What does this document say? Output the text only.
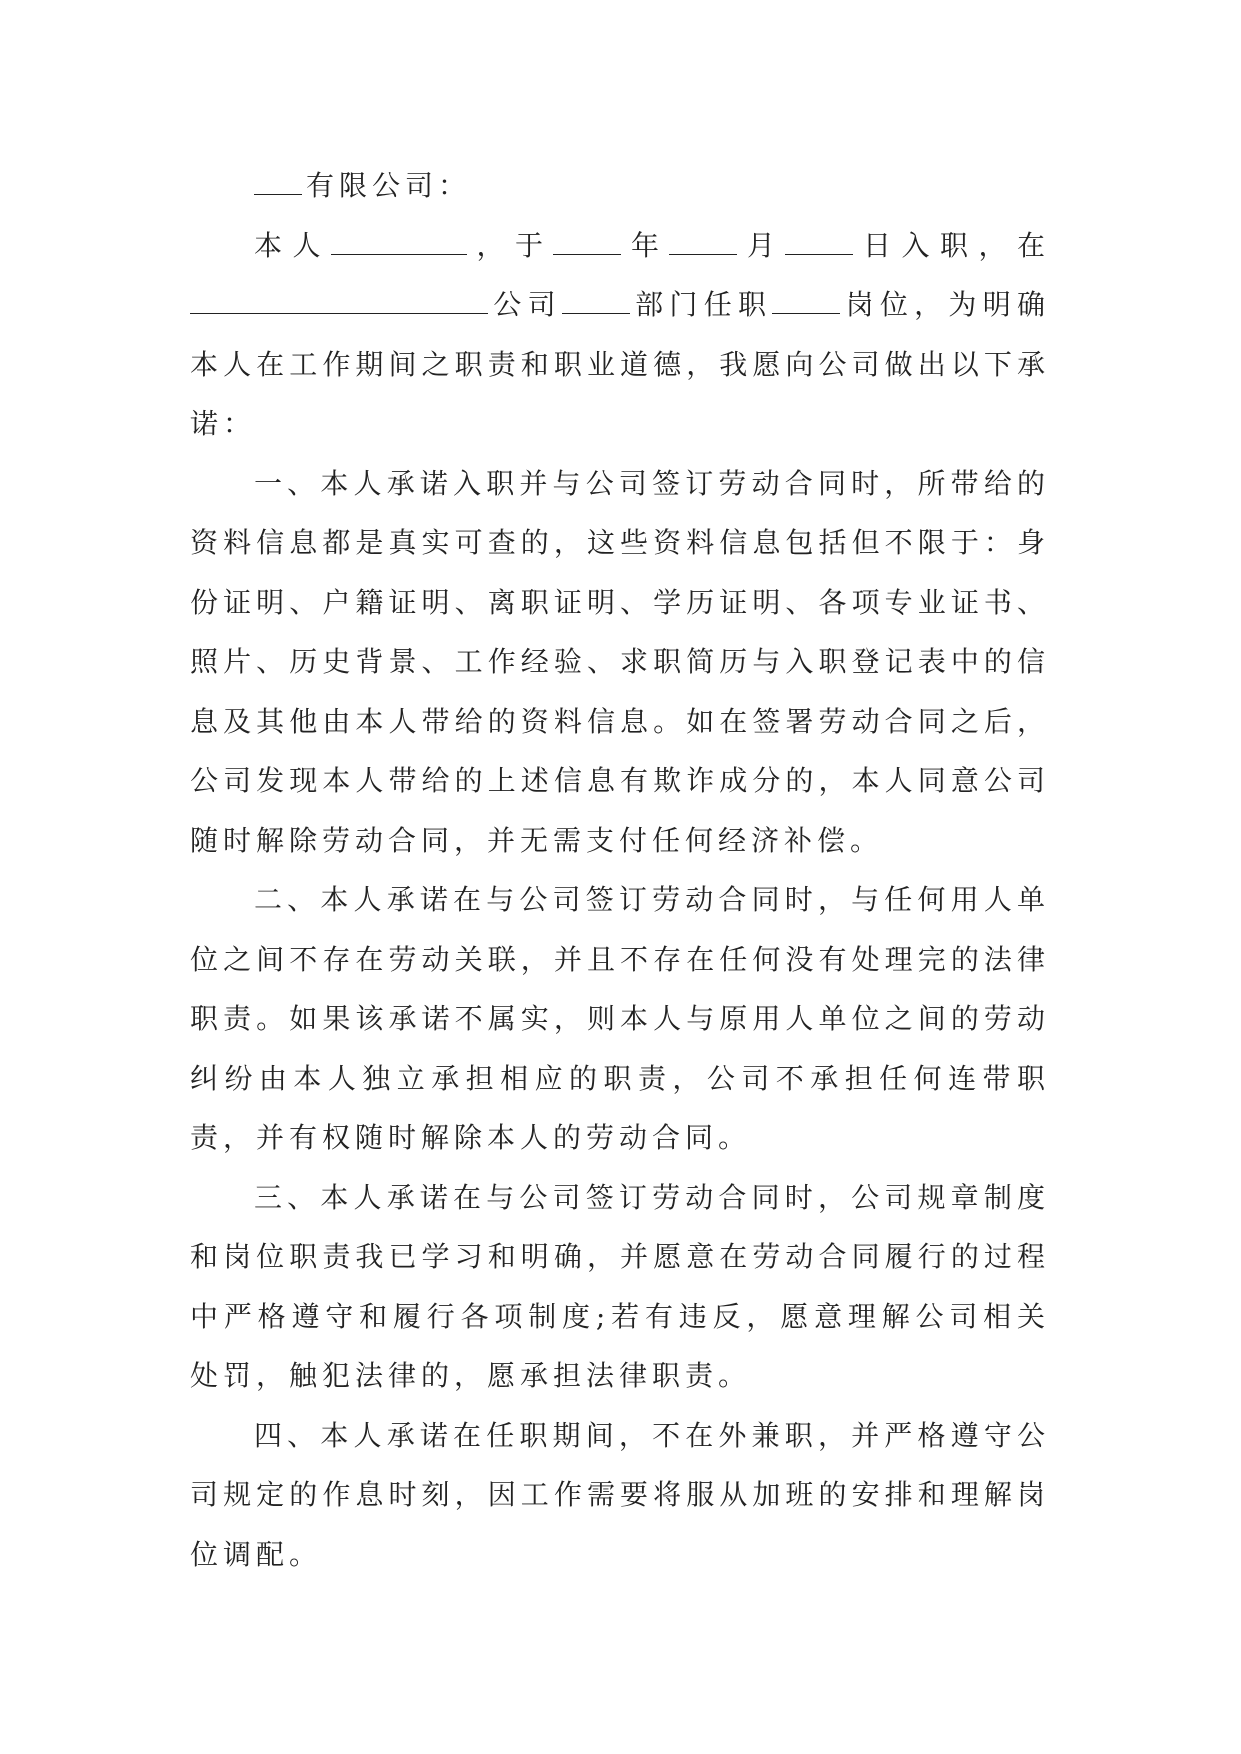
有限公司：

本人	，于	年	月	日入职，在公司	部门任职	岗位，为明确本人在工作期间之职责和职业道德，我愿向公司做出以下承诺：

一、本人承诺入职并与公司签订劳动合同时，所带给的资料信息都是真实可查的，这些资料信息包括但不限于：身份证明、户籍证明、离职证明、学历证明、各项专业证书、照片、历史背景、工作经验、求职简历与入职登记表中的信息及其他由本人带给的资料信息。如在签署劳动合同之后，公司发现本人带给的上述信息有欺诈成分的，本人同意公司随时解除劳动合同，并无需支付任何经济补偿。

二、本人承诺在与公司签订劳动合同时，与任何用人单位之间不存在劳动关联，并且不存在任何没有处理完的法律职责。如果该承诺不属实，则本人与原用人单位之间的劳动纠纷由本人独立承担相应的职责，公司不承担任何连带职责，并有权随时解除本人的劳动合同。

三、本人承诺在与公司签订劳动合同时，公司规章制度和岗位职责我已学习和明确，并愿意在劳动合同履行的过程中严格遵守和履行各项制度;若有违反，愿意理解公司相关处罚，触犯法律的，愿承担法律职责。

四、本人承诺在任职期间，不在外兼职，并严格遵守公司规定的作息时刻，因工作需要将服从加班的安排和理解岗位调配。
